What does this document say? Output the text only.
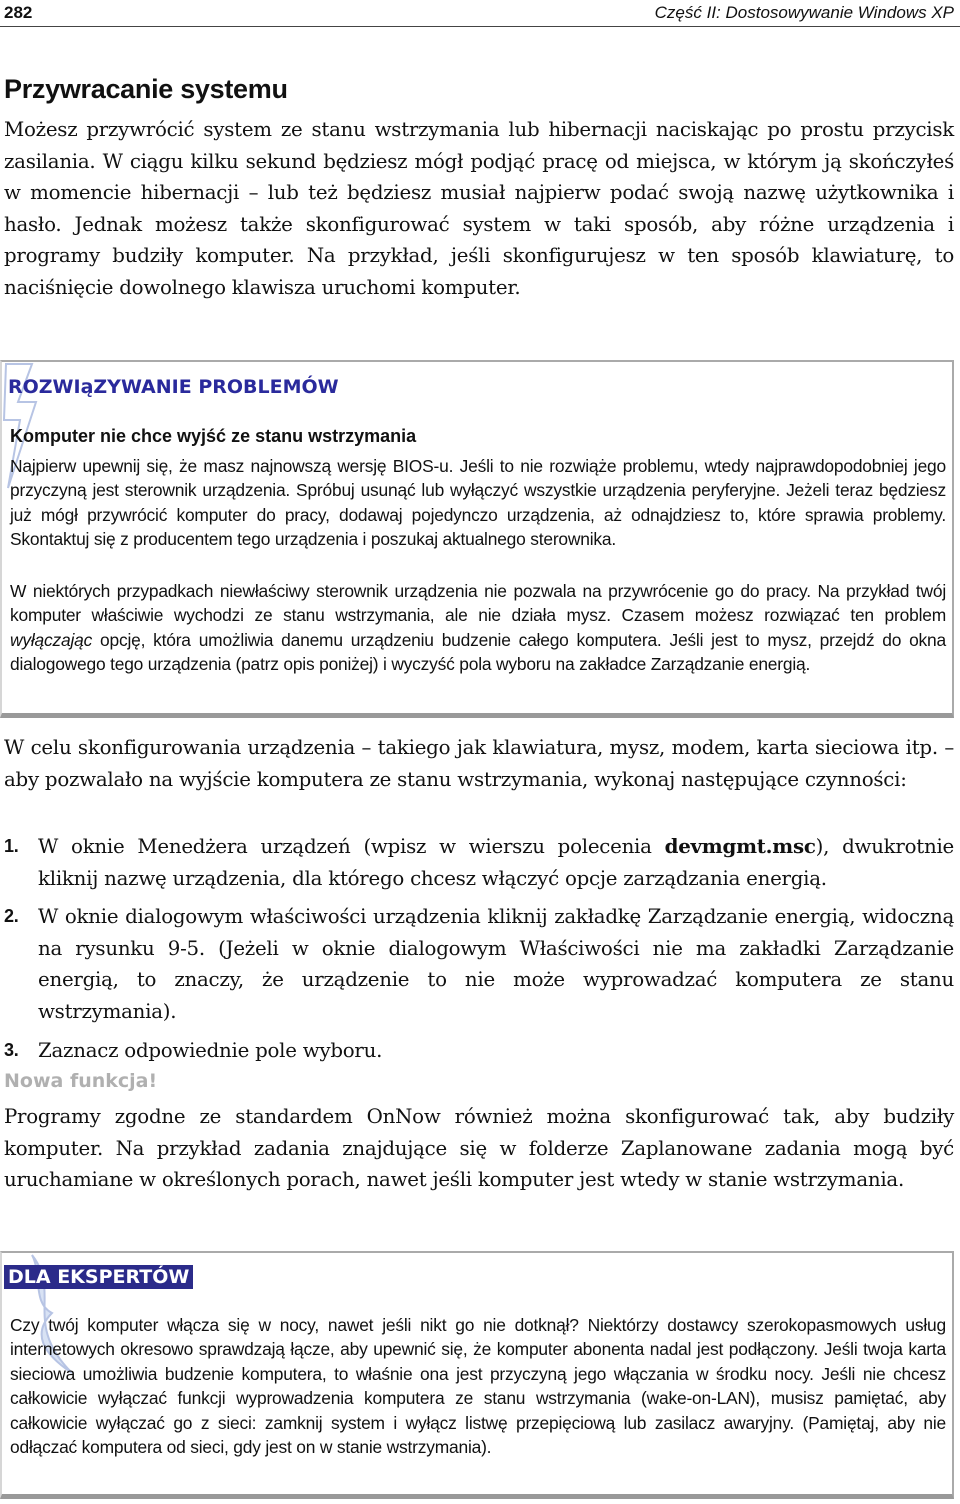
282	Część II: Dostosowywanie Windows XP
Przywracanie systemu

Możesz przywrócić system ze stanu wstrzymania lub hibernacji naciskając po prostu przycisk zasilania. W ciągu kilku sekund będziesz mógł podjąć pracę od miejsca, w którym ją skończyłeś w momencie hibernacji – lub też będziesz musiał najpierw podać swoją nazwę użytkownika i hasło. Jednak możesz także skonfigurować system w taki sposób, aby różne urządzenia i programy budziły komputer. Na przykład, jeśli skonfigurujesz w ten sposób klawiaturę, to naciśnięcie dowolnego klawisza uruchomi komputer.

ROZWIąZYWANIE PROBLEMÓW
Komputer nie chce wyjść ze stanu wstrzymania

Najpierw upewnij się, że masz najnowszą wersję BIOS-u. Jeśli to nie rozwiąże problemu, wtedy najprawdopodobniej jego przyczyną jest sterownik urządzenia. Spróbuj usunąć lub wyłączyć wszystkie urządzenia peryferyjne. Jeżeli teraz będziesz już mógł przywrócić komputer do pracy, dodawaj pojedynczo urządzenia, aż odnajdziesz to, które sprawia problemy. Skontaktuj się z producentem tego urządzenia i poszukaj aktualnego sterownika.

W niektórych przypadkach niewłaściwy sterownik urządzenia nie pozwala na przywrócenie go do pracy. Na przykład twój komputer właściwie wychodzi ze stanu wstrzymania, ale nie działa mysz. Czasem możesz rozwiązać ten problem wyłączając opcję, która umożliwia danemu urządzeniu budzenie całego komputera. Jeśli jest to mysz, przejdź do okna dialogowego tego urządzenia (patrz opis poniżej) i wyczyść pola wyboru na zakładce Zarządzanie energią.

W celu skonfigurowania urządzenia – takiego jak klawiatura, mysz, modem, karta sieciowa itp. – aby pozwalało na wyjście komputera ze stanu wstrzymania, wykonaj następujące czynności:

1. W oknie Menedżera urządzeń (wpisz w wierszu polecenia devmgmt.msc), dwukrotnie kliknij nazwę urządzenia, dla którego chcesz włączyć opcje zarządzania energią.
2. W oknie dialogowym właściwości urządzenia kliknij zakładkę Zarządzanie energią, widoczną na rysunku 9-5. (Jeżeli w oknie dialogowym Właściwości nie ma zakładki Zarządzanie energią, to znaczy, że urządzenie to nie może wyprowadzać komputera ze stanu wstrzymania).
3. Zaznacz odpowiednie pole wyboru.
Nowa funkcja!

Programy zgodne ze standardem OnNow również można skonfigurować tak, aby budziły komputer. Na przykład zadania znajdujące się w folderze Zaplanowane zadania mogą być uruchamiane w określonych porach, nawet jeśli komputer jest wtedy w stanie wstrzymania.

DLA EKSPERTÓW

Czy twój komputer włącza się w nocy, nawet jeśli nikt go nie dotknął? Niektórzy dostawcy szerokopasmowych usług internetowych okresowo sprawdzają łącze, aby upewnić się, że komputer abonenta nadal jest podłączony. Jeśli twoja karta sieciowa umożliwia budzenie komputera, to właśnie ona jest przyczyną jego włączania w środku nocy. Jeśli nie chcesz całkowicie wyłączać funkcji wyprowadzenia komputera ze stanu wstrzymania (wake-on-LAN), musisz pamiętać, aby całkowicie wyłączać go z sieci: zamknij system i wyłącz listwę przepięciową lub zasilacz awaryjny. (Pamiętaj, aby nie odłączać komputera od sieci, gdy jest on w stanie wstrzymania).
